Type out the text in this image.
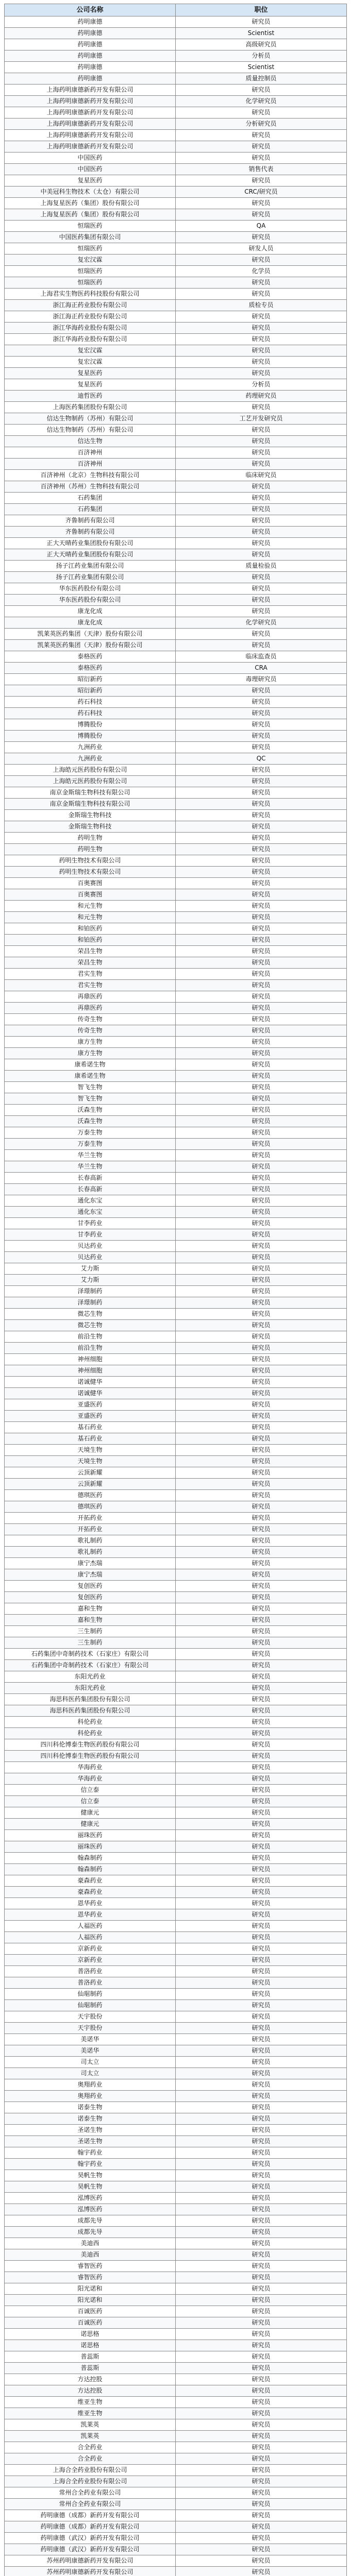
公司名称	职位
药明康德	研究员
药明康德	Scientist
药明康德	高级研究员
药明康德	分析员
药明康德	Scientist
药明康德	质量控制员
上海药明康德新药开发有限公司	研究员
上海药明康德新药开发有限公司	化学研究员
上海药明康德新药开发有限公司	研究员
上海药明康德新药开发有限公司	分析研究员
上海药明康德新药开发有限公司	研究员
上海药明康德新药开发有限公司	研究员
中国医药	研究员
中国医药	销售代表
复星医药	研究员
中美冠科生物技术（太仓）有限公司	CRC/研究员
上海复星医药（集团）股份有限公司	研究员
上海复星医药（集团）股份有限公司	研究员
恒瑞医药	QA
中国医药集团有限公司	研究员
恒瑞医药	研发人员
复宏汉霖	研究员
恒瑞医药	化学员
恒瑞医药	研究员
上海君实生物医药科技股份有限公司	研究员
浙江海正药业股份有限公司	质检专员
浙江海正药业股份有限公司	研究员
浙江华海药业股份有限公司	研究员
浙江华海药业股份有限公司	研究员
复宏汉霖	研究员
复宏汉霖	研究员
复星医药	研究员
复星医药	分析员
迪哲医药	药理研究员
上海医药集团股份有限公司	研究员
信达生物制药（苏州）有限公司	工艺开发研究员
信达生物制药（苏州）有限公司	研究员
信达生物	研究员
百济神州	研究员
百济神州	研究员
百济神州（北京）生物科技有限公司	临床研究员
百济神州（苏州）生物科技有限公司	研究员
石药集团	研究员
石药集团	研究员
齐鲁制药有限公司	研究员
齐鲁制药有限公司	研究员
正大天晴药业集团股份有限公司	研究员
正大天晴药业集团股份有限公司	研究员
扬子江药业集团有限公司	质量检验员
扬子江药业集团有限公司	研究员
华东医药股份有限公司	研究员
华东医药股份有限公司	研究员
康龙化成	研究员
康龙化成	化学研究员
凯莱英医药集团（天津）股份有限公司	研究员
凯莱英医药集团（天津）股份有限公司	研究员
泰格医药	临床监查员
泰格医药	CRA
昭衍新药	毒理研究员
昭衍新药	研究员
药石科技	研究员
药石科技	研究员
博腾股份	研究员
博腾股份	研究员
九洲药业	研究员
九洲药业	QC
上海皓元医药股份有限公司	研究员
上海皓元医药股份有限公司	研究员
南京金斯瑞生物科技有限公司	研究员
南京金斯瑞生物科技有限公司	研究员
金斯瑞生物科技	研究员
金斯瑞生物科技	研究员
药明生物	研究员
药明生物	研究员
药明生物技术有限公司	研究员
药明生物技术有限公司	研究员
百奥赛图	研究员
百奥赛图	研究员
和元生物	研究员
和元生物	研究员
和铂医药	研究员
和铂医药	研究员
荣昌生物	研究员
荣昌生物	研究员
君实生物	研究员
君实生物	研究员
再鼎医药	研究员
再鼎医药	研究员
传奇生物	研究员
传奇生物	研究员
康方生物	研究员
康方生物	研究员
康希诺生物	研究员
康希诺生物	研究员
智飞生物	研究员
智飞生物	研究员
沃森生物	研究员
沃森生物	研究员
万泰生物	研究员
万泰生物	研究员
华兰生物	研究员
华兰生物	研究员
长春高新	研究员
长春高新	研究员
通化东宝	研究员
通化东宝	研究员
甘李药业	研究员
甘李药业	研究员
贝达药业	研究员
贝达药业	研究员
艾力斯	研究员
艾力斯	研究员
泽璟制药	研究员
泽璟制药	研究员
微芯生物	研究员
微芯生物	研究员
前沿生物	研究员
前沿生物	研究员
神州细胞	研究员
神州细胞	研究员
诺诚健华	研究员
诺诚健华	研究员
亚盛医药	研究员
亚盛医药	研究员
基石药业	研究员
基石药业	研究员
天境生物	研究员
天境生物	研究员
云顶新耀	研究员
云顶新耀	研究员
德琪医药	研究员
德琪医药	研究员
开拓药业	研究员
开拓药业	研究员
歌礼制药	研究员
歌礼制药	研究员
康宁杰瑞	研究员
康宁杰瑞	研究员
复创医药	研究员
复创医药	研究员
嘉和生物	研究员
嘉和生物	研究员
三生制药	研究员
三生制药	研究员
石药集团中奇制药技术（石家庄）有限公司	研究员
石药集团中奇制药技术（石家庄）有限公司	研究员
东阳光药业	研究员
东阳光药业	研究员
海思科医药集团股份有限公司	研究员
海思科医药集团股份有限公司	研究员
科伦药业	研究员
科伦药业	研究员
四川科伦博泰生物医药股份有限公司	研究员
四川科伦博泰生物医药股份有限公司	研究员
华海药业	研究员
华海药业	研究员
信立泰	研究员
信立泰	研究员
健康元	研究员
健康元	研究员
丽珠医药	研究员
丽珠医药	研究员
翰森制药	研究员
翰森制药	研究员
豪森药业	研究员
豪森药业	研究员
恩华药业	研究员
恩华药业	研究员
人福医药	研究员
人福医药	研究员
京新药业	研究员
京新药业	研究员
普洛药业	研究员
普洛药业	研究员
仙琚制药	研究员
仙琚制药	研究员
天宇股份	研究员
天宇股份	研究员
美诺华	研究员
美诺华	研究员
司太立	研究员
司太立	研究员
奥翔药业	研究员
奥翔药业	研究员
诺泰生物	研究员
诺泰生物	研究员
圣诺生物	研究员
圣诺生物	研究员
翰宇药业	研究员
翰宇药业	研究员
昊帆生物	研究员
昊帆生物	研究员
泓博医药	研究员
泓博医药	研究员
成都先导	研究员
成都先导	研究员
美迪西	研究员
美迪西	研究员
睿智医药	研究员
睿智医药	研究员
阳光诺和	研究员
阳光诺和	研究员
百诚医药	研究员
百诚医药	研究员
诺思格	研究员
诺思格	研究员
普蕊斯	研究员
普蕊斯	研究员
方达控股	研究员
方达控股	研究员
维亚生物	研究员
维亚生物	研究员
凯莱英	研究员
凯莱英	研究员
合全药业	研究员
合全药业	研究员
上海合全药业股份有限公司	研究员
上海合全药业股份有限公司	研究员
常州合全药业有限公司	研究员
常州合全药业有限公司	研究员
药明康德（成都）新药开发有限公司	研究员
药明康德（成都）新药开发有限公司	研究员
药明康德（武汉）新药开发有限公司	研究员
药明康德（武汉）新药开发有限公司	研究员
苏州药明康德新药开发有限公司	研究员
苏州药明康德新药开发有限公司	研究员
